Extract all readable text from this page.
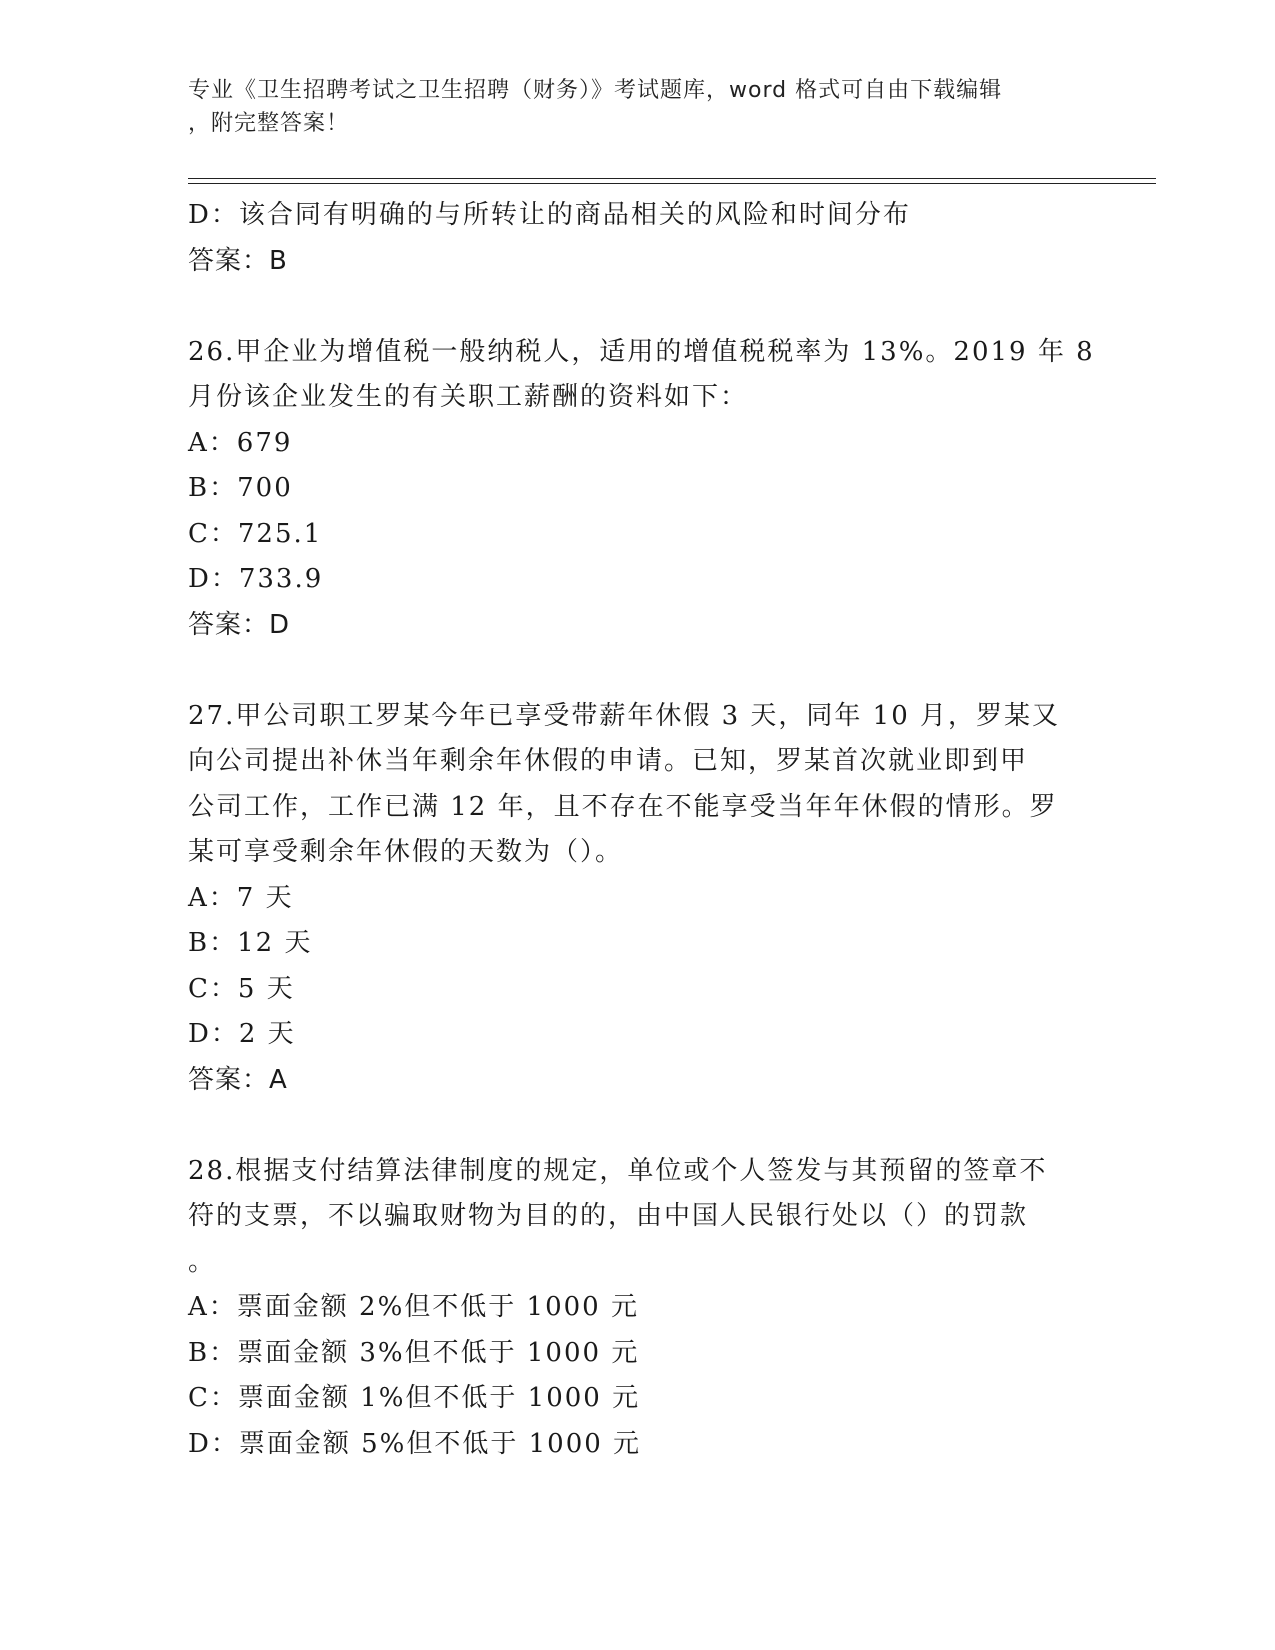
专业《卫生招聘考试之卫生招聘（财务）》考试题库，word 格式可自由下载编辑
，附完整答案！
D：该合同有明确的与所转让的商品相关的风险和时间分布
答案：B
26.甲企业为增值税一般纳税人，适用的增值税税率为 13%。2019 年 8
月份该企业发生的有关职工薪酬的资料如下：
A：679
B：700
C：725.1
D：733.9
答案：D
27.甲公司职工罗某今年已享受带薪年休假 3 天，同年 10 月，罗某又
向公司提出补休当年剩余年休假的申请。已知，罗某首次就业即到甲
公司工作，工作已满 12 年，且不存在不能享受当年年休假的情形。罗
某可享受剩余年休假的天数为（）。
A：7 天
B：12 天
C：5 天
D：2 天
答案：A
28.根据支付结算法律制度的规定，单位或个人签发与其预留的签章不
符的支票，不以骗取财物为目的的，由中国人民银行处以（）的罚款
。
A：票面金额 2%但不低于 1000 元
B：票面金额 3%但不低于 1000 元
C：票面金额 1%但不低于 1000 元
D：票面金额 5%但不低于 1000 元
